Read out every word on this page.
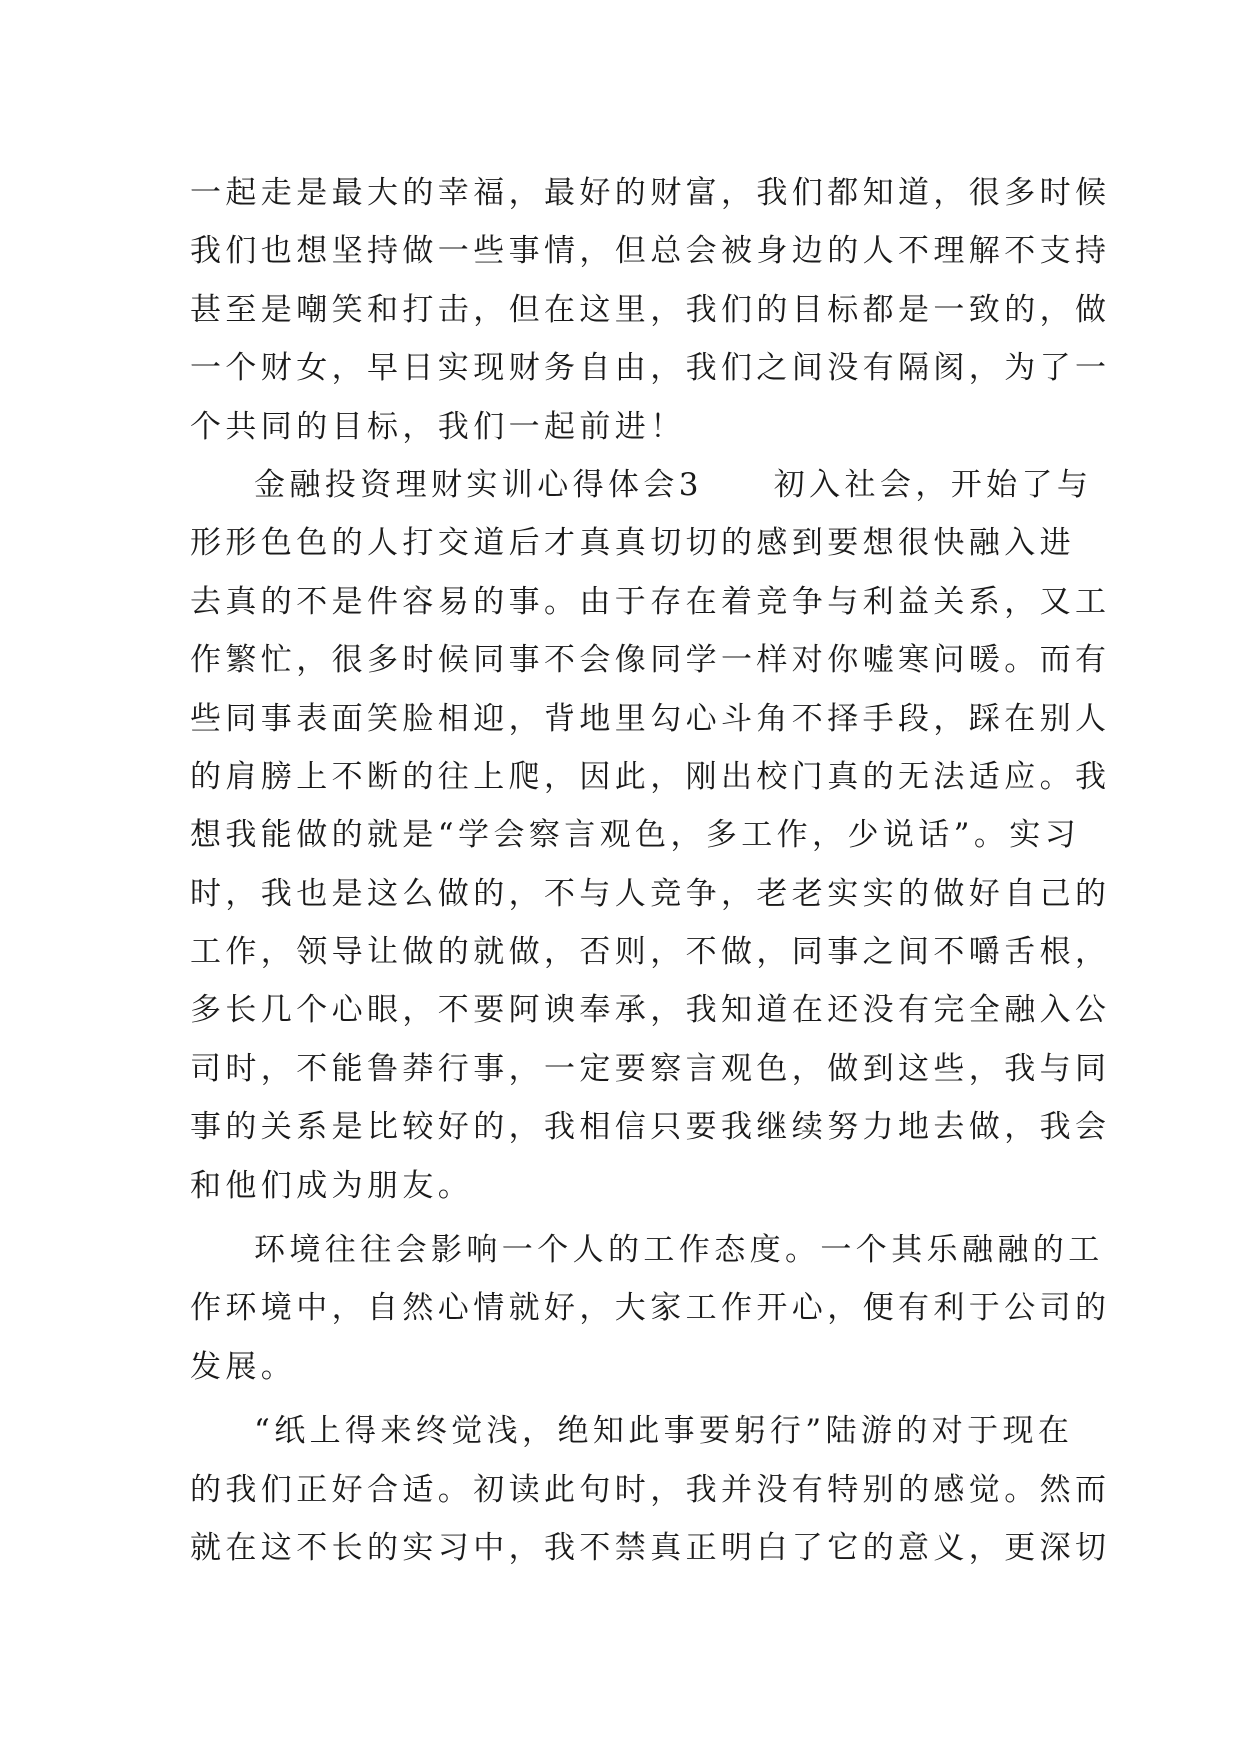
一起走是最大的幸福，最好的财富，我们都知道，很多时候
我们也想坚持做一些事情，但总会被身边的人不理解不支持
甚至是嘲笑和打击，但在这里，我们的目标都是一致的，做
一个财女，早日实现财务自由，我们之间没有隔阂，为了一
个共同的目标，我们一起前进！
金融投资理财实训心得体会3　　初入社会，开始了与
形形色色的人打交道后才真真切切的感到要想很快融入进
去真的不是件容易的事。由于存在着竞争与利益关系，又工
作繁忙，很多时候同事不会像同学一样对你嘘寒问暖。而有
些同事表面笑脸相迎，背地里勾心斗角不择手段，踩在别人
的肩膀上不断的往上爬，因此，刚出校门真的无法适应。我
想我能做的就是“学会察言观色，多工作，少说话”。实习
时，我也是这么做的，不与人竞争，老老实实的做好自己的
工作，领导让做的就做，否则，不做，同事之间不嚼舌根，
多长几个心眼，不要阿谀奉承，我知道在还没有完全融入公
司时，不能鲁莽行事，一定要察言观色，做到这些，我与同
事的关系是比较好的，我相信只要我继续努力地去做，我会
和他们成为朋友。
环境往往会影响一个人的工作态度。一个其乐融融的工
作环境中，自然心情就好，大家工作开心，便有利于公司的
发展。
“纸上得来终觉浅，绝知此事要躬行”陆游的对于现在
的我们正好合适。初读此句时，我并没有特别的感觉。然而
就在这不长的实习中，我不禁真正明白了它的意义，更深切
